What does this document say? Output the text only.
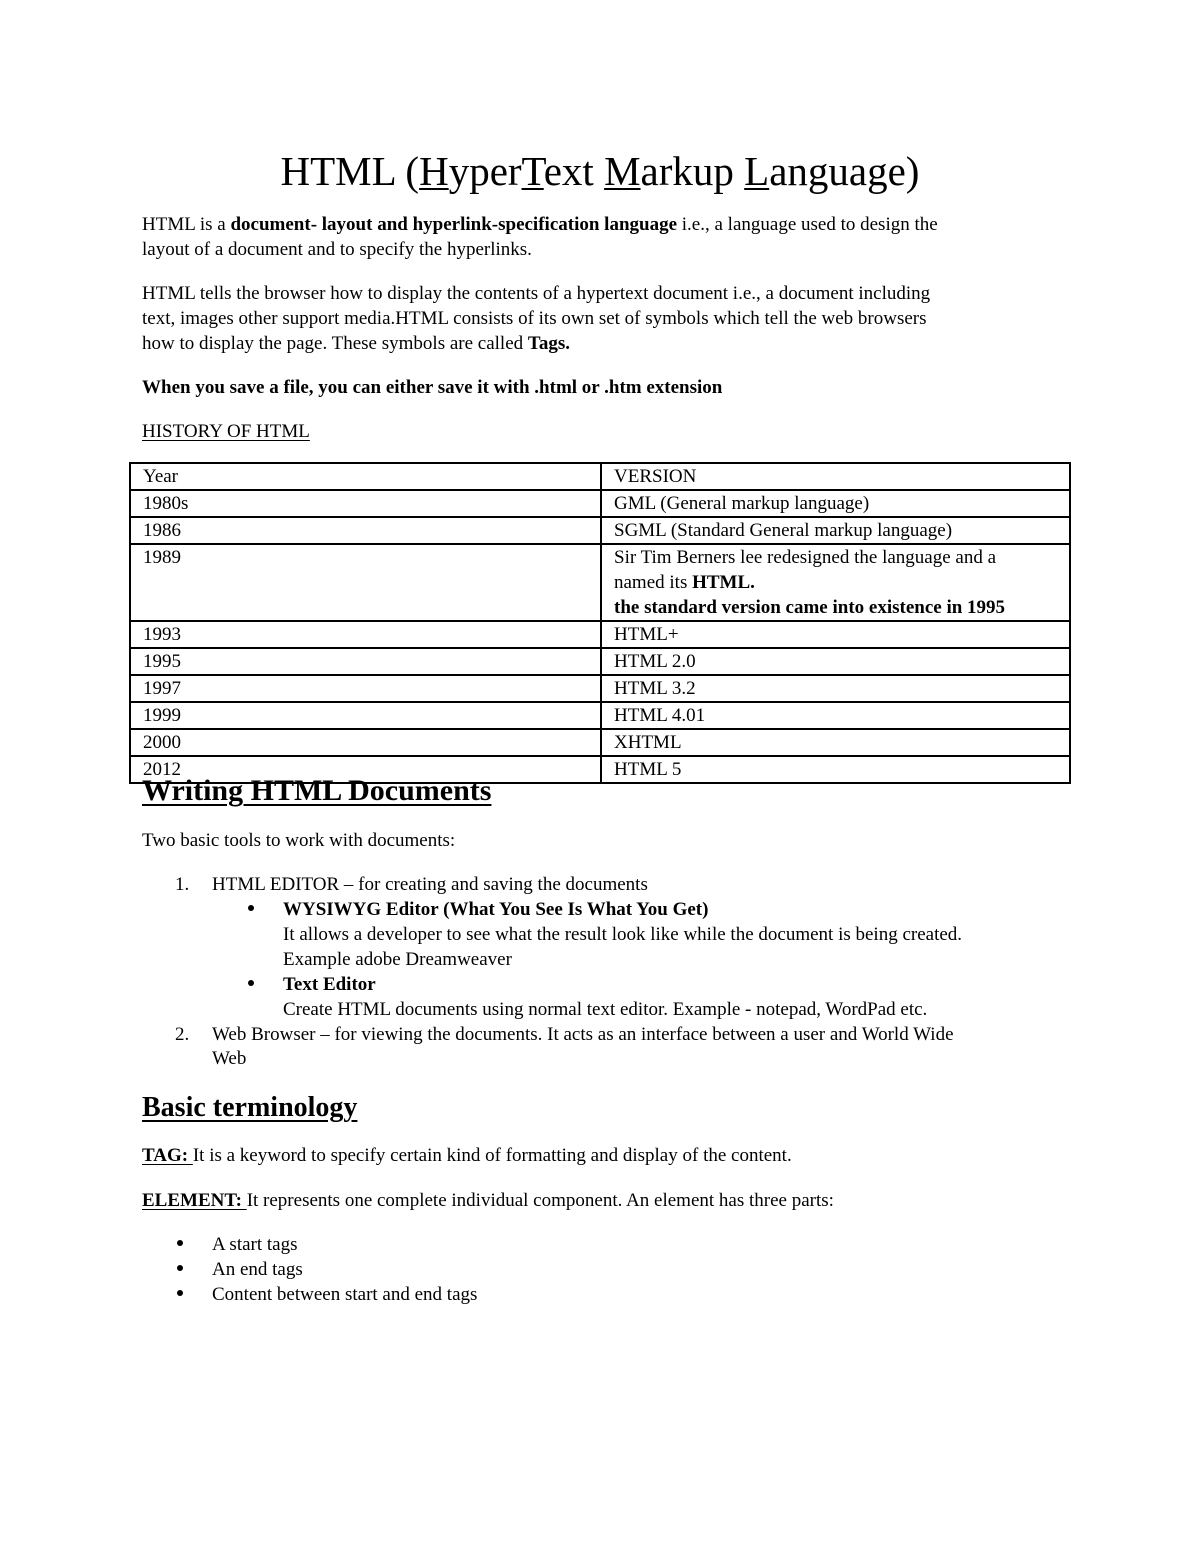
HTML (HyperText Markup Language)
HTML is a document- layout and hyperlink-specification language i.e., a language used to design the
layout of a document and to specify the hyperlinks.
HTML tells the browser how to display the contents of a hypertext document i.e., a document including
text, images other support media.HTML consists of its own set of symbols which tell the web browsers
how to display the page. These symbols are called Tags.
When you save a file, you can either save it with .html or .htm extension
HISTORY OF HTML
Year	VERSION
1980s	GML (General markup language)
1986	SGML (Standard General markup language)
1989	Sir Tim Berners lee redesigned the language and a
named its HTML.
the standard version came into existence in 1995
1993	HTML+
1995	HTML 2.0
1997	HTML 3.2
1999	HTML 4.01
2000	XHTML
2012	HTML 5
Writing HTML Documents
Two basic tools to work with documents:
1. HTML EDITOR – for creating and saving the documents
WYSIWYG Editor (What You See Is What You Get)
It allows a developer to see what the result look like while the document is being created.
Example adobe Dreamweaver
Text Editor
Create HTML documents using normal text editor. Example - notepad, WordPad etc.
2. Web Browser – for viewing the documents. It acts as an interface between a user and World Wide
Web
Basic terminology
TAG: It is a keyword to specify certain kind of formatting and display of the content.
ELEMENT: It represents one complete individual component. An element has three parts:
A start tags
An end tags
Content between start and end tags
